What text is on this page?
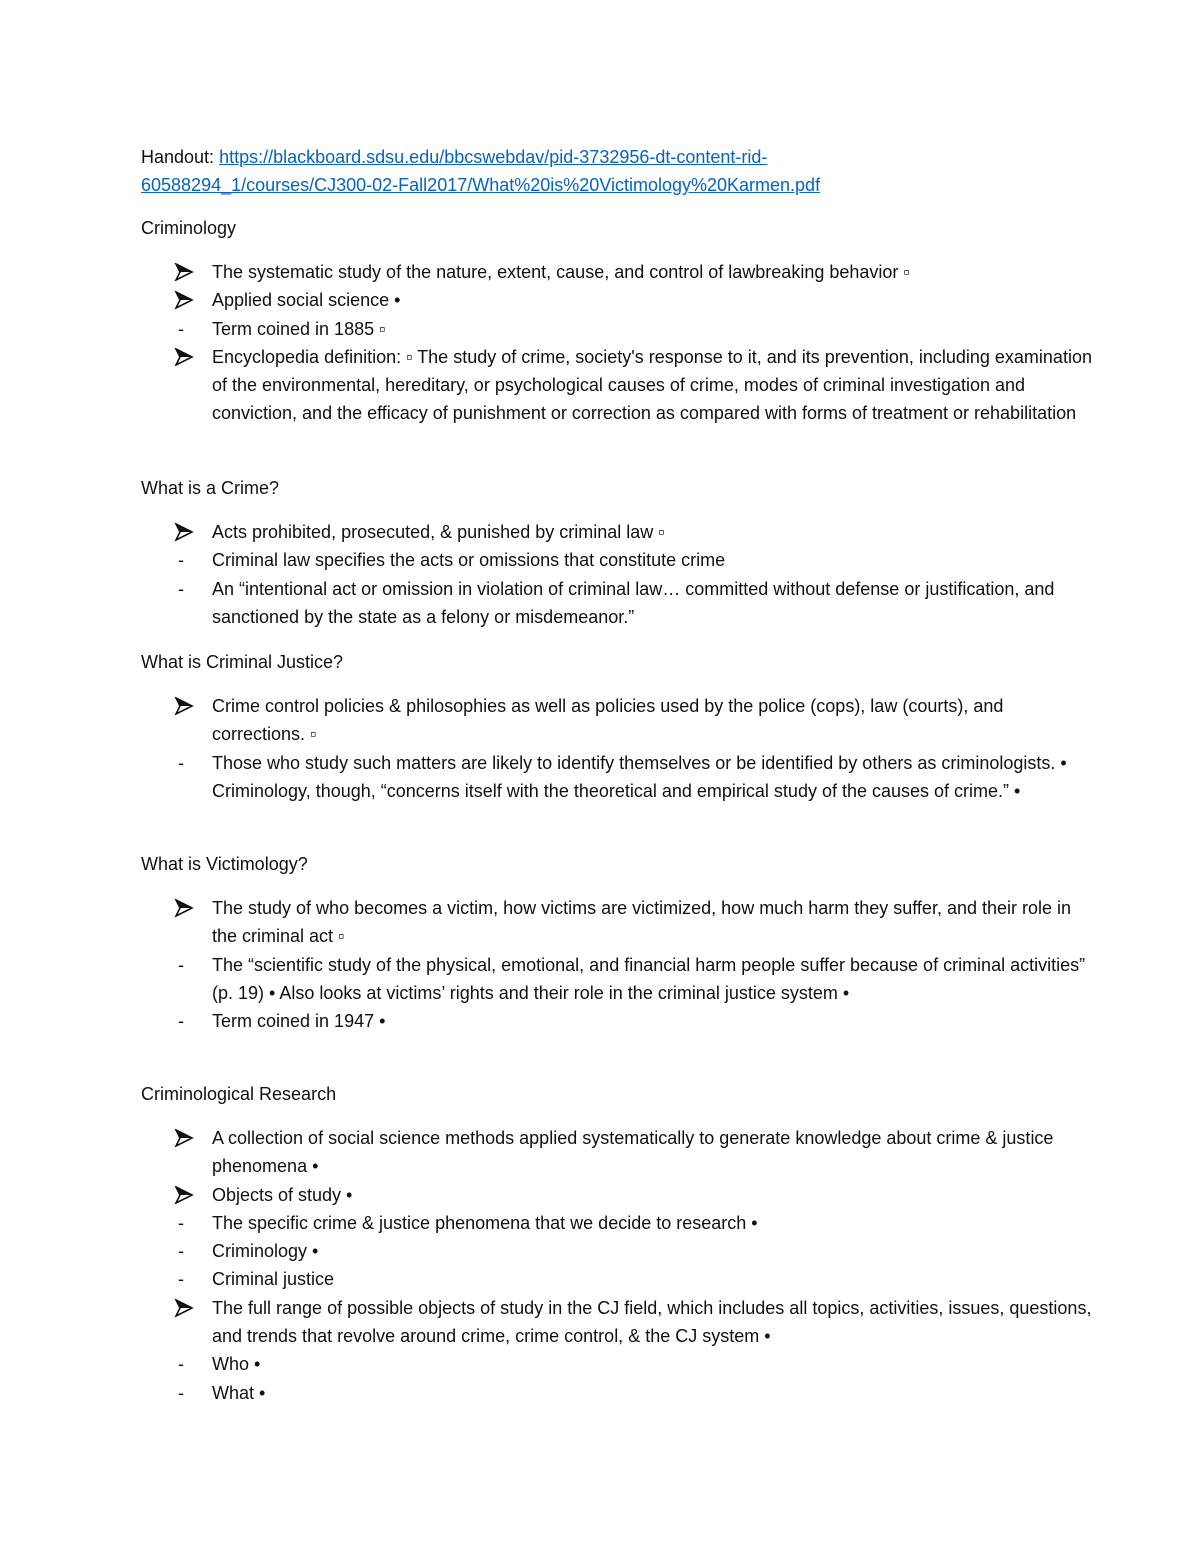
Handout: https://blackboard.sdsu.edu/bbcswebdav/pid-3732956-dt-content-rid-
60588294_1/courses/CJ300-02-Fall2017/What%20is%20Victimology%20Karmen.pdf
Criminology
The systematic study of the nature, extent, cause, and control of lawbreaking behavior ▫
Applied social science •
- Term coined in 1885 ▫
Encyclopedia definition: ▫ The study of crime, society's response to it, and its prevention, including examination of the environmental, hereditary, or psychological causes of crime, modes of criminal investigation and conviction, and the efficacy of punishment or correction as compared with forms of treatment or rehabilitation
What is a Crime?
Acts prohibited, prosecuted, & punished by criminal law ▫
- Criminal law specifies the acts or omissions that constitute crime
- An “intentional act or omission in violation of criminal law… committed without defense or justification, and sanctioned by the state as a felony or misdemeanor.”
What is Criminal Justice?
Crime control policies & philosophies as well as policies used by the police (cops), law (courts), and corrections. ▫
- Those who study such matters are likely to identify themselves or be identified by others as criminologists. • Criminology, though, “concerns itself with the theoretical and empirical study of the causes of crime.” •
What is Victimology?
The study of who becomes a victim, how victims are victimized, how much harm they suffer, and their role in the criminal act ▫
- The “scientific study of the physical, emotional, and financial harm people suffer because of criminal activities” (p. 19) • Also looks at victims’ rights and their role in the criminal justice system •
- Term coined in 1947 •
Criminological Research
A collection of social science methods applied systematically to generate knowledge about crime & justice phenomena •
Objects of study •
- The specific crime & justice phenomena that we decide to research •
- Criminology •
- Criminal justice
The full range of possible objects of study in the CJ field, which includes all topics, activities, issues, questions, and trends that revolve around crime, crime control, & the CJ system •
- Who •
- What •
